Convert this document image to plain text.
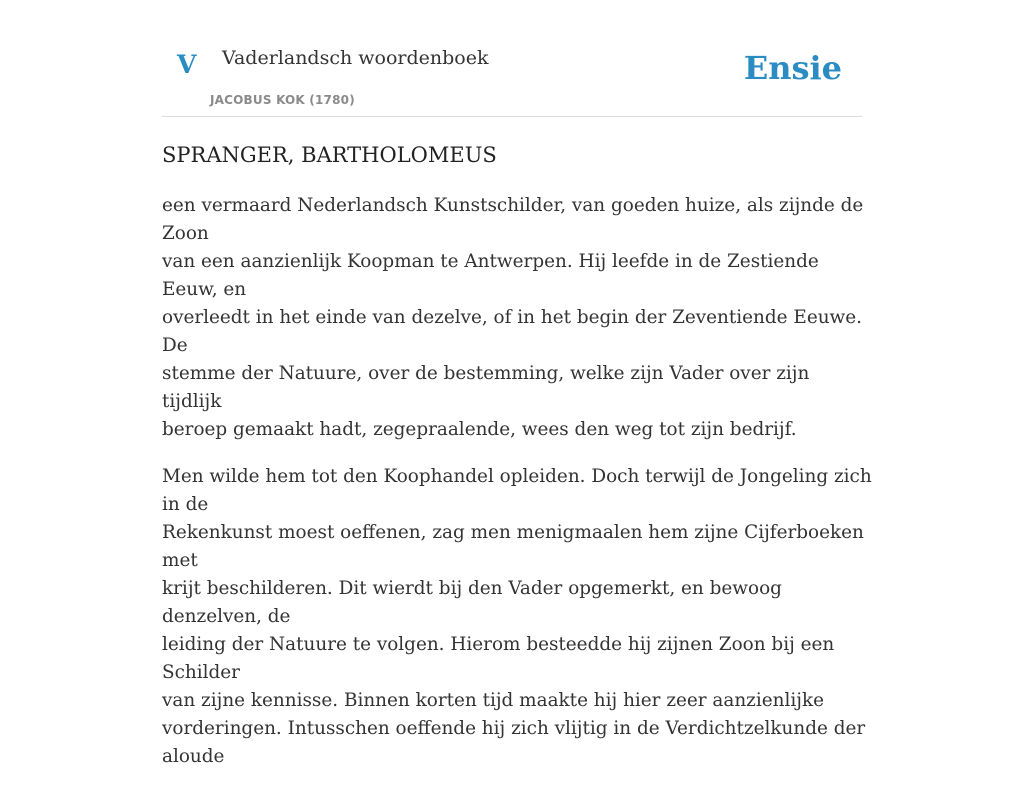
V Vaderlandsch woordenboek
JACOBUS KOK (1780)
Ensie
SPRANGER, BARTHOLOMEUS

een vermaard Nederlandsch Kunstschilder, van goeden huize, als zijnde de Zoon
van een aanzienlijk Koopman te Antwerpen. Hij leefde in de Zestiende Eeuw, en
overleedt in het einde van dezelve, of in het begin der Zeventiende Eeuwe. De
stemme der Natuure, over de bestemming, welke zijn Vader over zijn tijdlijk
beroep gemaakt hadt, zegepraalende, wees den weg tot zijn bedrijf.

Men wilde hem tot den Koophandel opleiden. Doch terwijl de Jongeling zich in de
Rekenkunst moest oeffenen, zag men menigmaalen hem zijne Cijferboeken met
krijt beschilderen. Dit wierdt bij den Vader opgemerkt, en bewoog denzelven, de
leiding der Natuure te volgen. Hierom besteedde hij zijnen Zoon bij een Schilder
van zijne kennisse. Binnen korten tijd maakte hij hier zeer aanzienlijke
vorderingen. Intusschen oeffende hij zich vlijtig in de Verdichtzelkunde der aloude
